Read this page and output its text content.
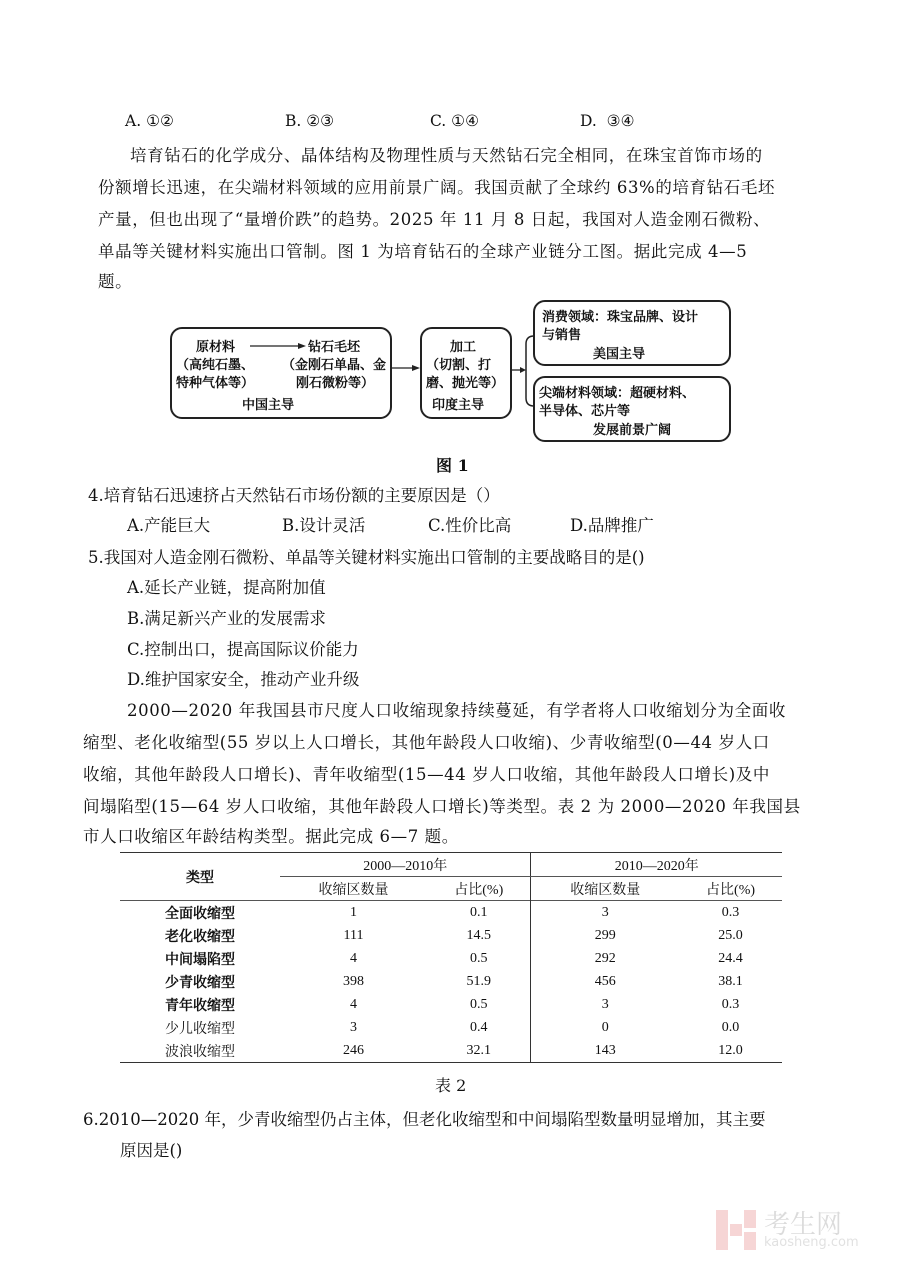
A. ①②	B. ②③	C. ①④	D. ③④
培育钻石的化学成分、晶体结构及物理性质与天然钻石完全相同，在珠宝首饰市场的
份额增长迅速，在尖端材料领域的应用前景广阔。我国贡献了全球约 63%的培育钻石毛坯
产量，但也出现了“量增价跌”的趋势。2025 年 11 月 8 日起，我国对人造金刚石微粉、
单晶等关键材料实施出口管制。图 1 为培育钻石的全球产业链分工图。据此完成 4—5
题。
原材料
（高纯石墨、
特种气体等）
钻石毛坯
（金刚石单晶、金
刚石微粉等）
中国主导
加工
（切割、打
磨、抛光等）
印度主导
消费领域：珠宝品牌、设计
与销售
美国主导
尖端材料领域：超硬材料、
半导体、芯片等
发展前景广阔
图 1
4.培育钻石迅速挤占天然钻石市场份额的主要原因是（）
A.产能巨大	B.设计灵活	C.性价比高	D.品牌推广
5.我国对人造金刚石微粉、单晶等关键材料实施出口管制的主要战略目的是()
A.延长产业链，提高附加值
B.满足新兴产业的发展需求
C.控制出口，提高国际议价能力
D.维护国家安全，推动产业升级
2000—2020 年我国县市尺度人口收缩现象持续蔓延，有学者将人口收缩划分为全面收
缩型、老化收缩型(55 岁以上人口增长，其他年龄段人口收缩)、少青收缩型(0—44 岁人口
收缩，其他年龄段人口增长)、青年收缩型(15—44 岁人口收缩，其他年龄段人口增长)及中
间塌陷型(15—64 岁人口收缩，其他年龄段人口增长)等类型。表 2 为 2000—2020 年我国县
市人口收缩区年龄结构类型。据此完成 6—7 题。
类型	2000—2010年		2010—2020年	
	收缩区数量	占比(%)	收缩区数量	占比(%)
全面收缩型	1	0.1	3	0.3
老化收缩型	111	14.5	299	25.0
中间塌陷型	4	0.5	292	24.4
少青收缩型	398	51.9	456	38.1
青年收缩型	4	0.5	3	0.3
少儿收缩型	3	0.4	0	0.0
波浪收缩型	246	32.1	143	12.0
表 2
6.2010—2020 年，少青收缩型仍占主体，但老化收缩型和中间塌陷型数量明显增加，其主要
原因是()
考生网
kaosheng.com
